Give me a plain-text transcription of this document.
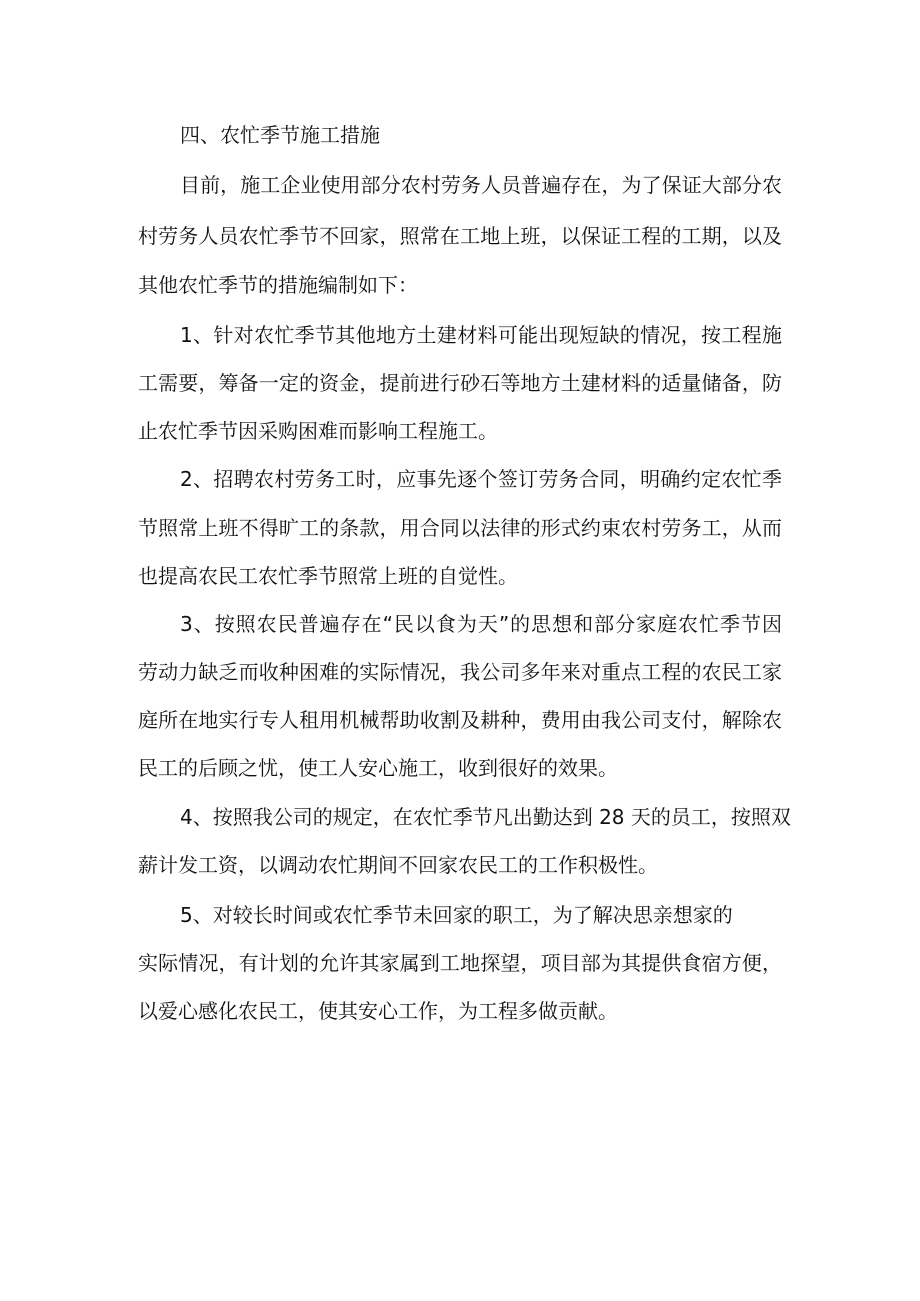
四、农忙季节施工措施
目前，施工企业使用部分农村劳务人员普遍存在，为了保证大部分农
村劳务人员农忙季节不回家，照常在工地上班，以保证工程的工期，以及
其他农忙季节的措施编制如下：
1、针对农忙季节其他地方土建材料可能出现短缺的情况，按工程施
工需要，筹备一定的资金，提前进行砂石等地方土建材料的适量储备，防
止农忙季节因采购困难而影响工程施工。
2、招聘农村劳务工时，应事先逐个签订劳务合同，明确约定农忙季
节照常上班不得旷工的条款，用合同以法律的形式约束农村劳务工，从而
也提高农民工农忙季节照常上班的自觉性。
3、按照农民普遍存在“民以食为天”的思想和部分家庭农忙季节因
劳动力缺乏而收种困难的实际情况，我公司多年来对重点工程的农民工家
庭所在地实行专人租用机械帮助收割及耕种，费用由我公司支付，解除农
民工的后顾之忧，使工人安心施工，收到很好的效果。
4、按照我公司的规定，在农忙季节凡出勤达到 28 天的员工，按照双
薪计发工资，以调动农忙期间不回家农民工的工作积极性。
5、对较长时间或农忙季节未回家的职工，为了解决思亲想家的
实际情况，有计划的允许其家属到工地探望，项目部为其提供食宿方便，
以爱心感化农民工，使其安心工作，为工程多做贡献。
